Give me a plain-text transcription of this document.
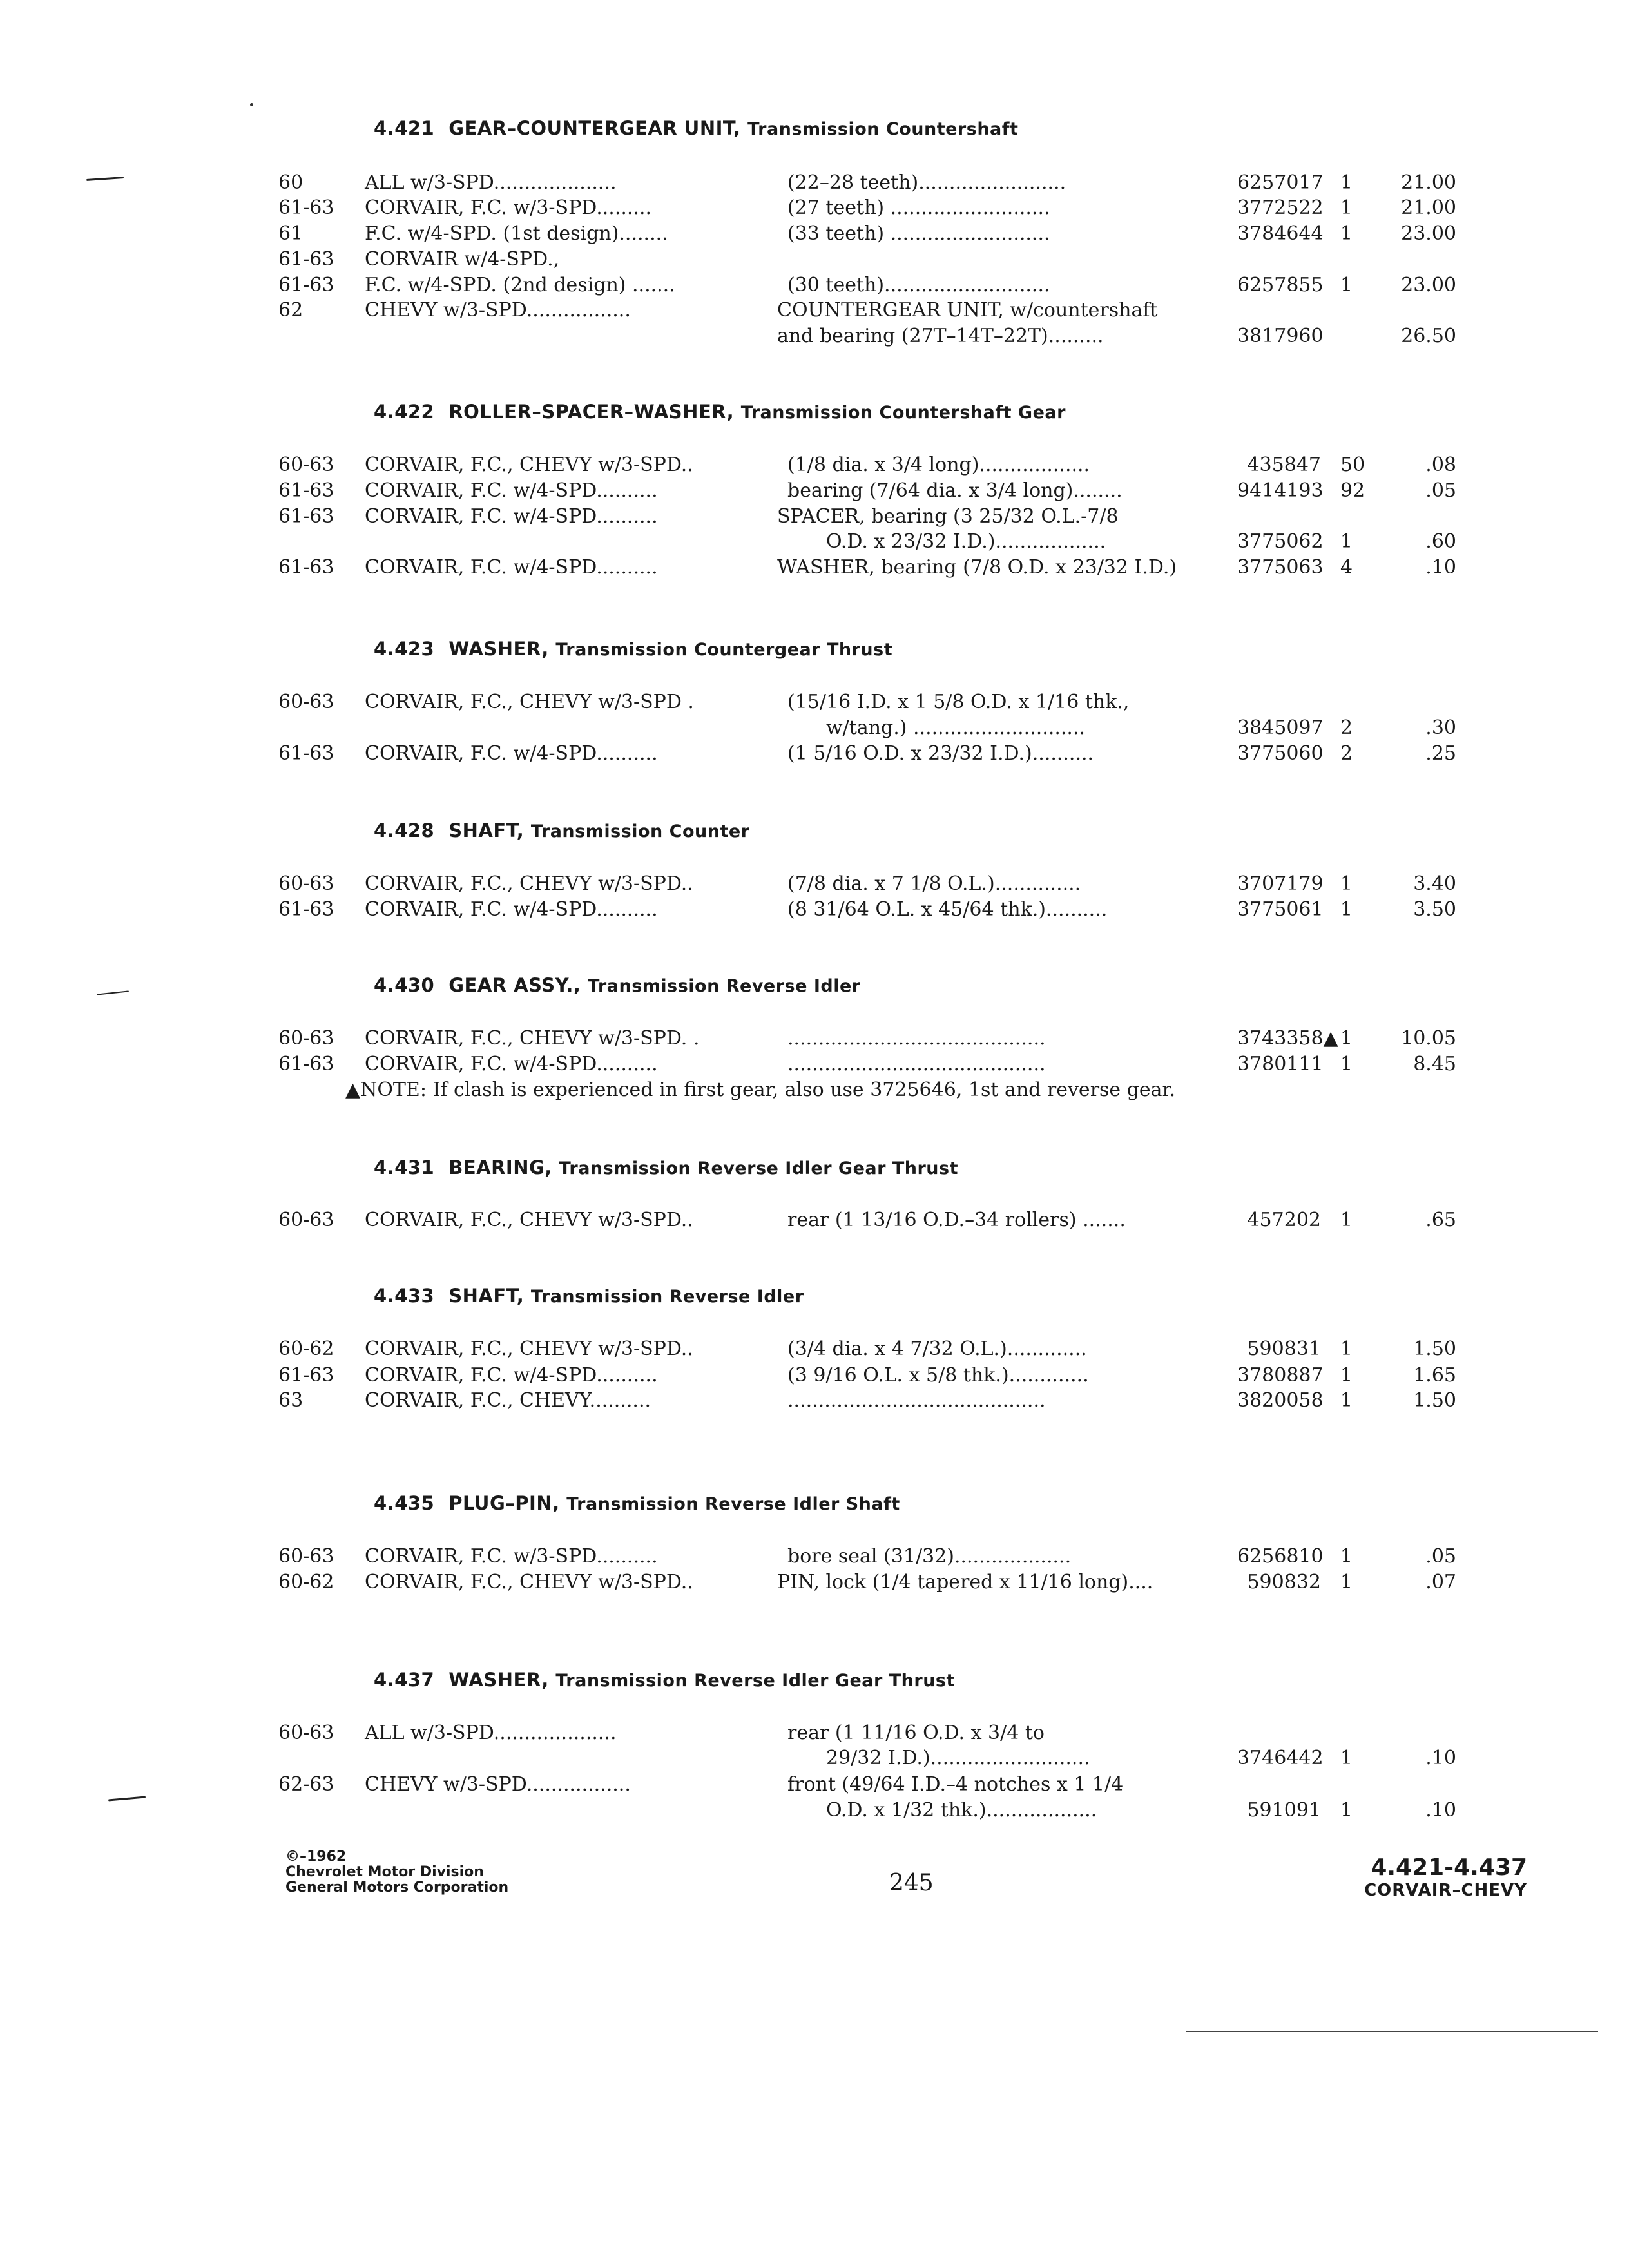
4.421 GEAR–COUNTERGEAR UNIT, Transmission Countershaft
60	ALL w/3-SPD....................	(22–28 teeth)........................	6257017 1	21.00
61-63 CORVAIR, F.C. w/3-SPD.........	(27 teeth) ..........................	3772522 1	21.00
61	F.C. w/4-SPD. (1st design)........	(33 teeth) ..........................	3784644 1	23.00
61-63 CORVAIR w/4-SPD.,
61-63 F.C. w/4-SPD. (2nd design) .......	(30 teeth)...........................	6257855 1	23.00
62	CHEVY w/3-SPD.................	COUNTERGEAR UNIT, w/countershaft
and bearing (27T–14T–22T).........	3817960	26.50
4.422 ROLLER–SPACER–WASHER, Transmission Countershaft Gear
60-63 CORVAIR, F.C., CHEVY w/3-SPD..	(1/8 dia. x 3/4 long)..................	435847 50	.08
61-63 CORVAIR, F.C. w/4-SPD..........	bearing (7/64 dia. x 3/4 long)........	9414193 92	.05
61-63 CORVAIR, F.C. w/4-SPD..........	SPACER, bearing (3 25/32 O.L.-7/8
O.D. x 23/32 I.D.)..................	3775062 1	.60
61-63 CORVAIR, F.C. w/4-SPD..........	WASHER, bearing (7/8 O.D. x 23/32 I.D.)	3775063 4	.10
4.423 WASHER, Transmission Countergear Thrust
60-63 CORVAIR, F.C., CHEVY w/3-SPD .	(15/16 I.D. x 1 5/8 O.D. x 1/16 thk.,
w/tang.) ............................	3845097 2	.30
61-63 CORVAIR, F.C. w/4-SPD..........	(1 5/16 O.D. x 23/32 I.D.)..........	3775060 2	.25
4.428 SHAFT, Transmission Counter
60-63 CORVAIR, F.C., CHEVY w/3-SPD..	(7/8 dia. x 7 1/8 O.L.)..............	3707179 1	3.40
61-63 CORVAIR, F.C. w/4-SPD..........	(8 31/64 O.L. x 45/64 thk.)..........	3775061 1	3.50
4.430 GEAR ASSY., Transmission Reverse Idler
60-63 CORVAIR, F.C., CHEVY w/3-SPD. .	..........................................	3743358▲ 1	10.05
61-63 CORVAIR, F.C. w/4-SPD..........	..........................................	3780111 1	8.45
▲NOTE: If clash is experienced in first gear, also use 3725646, 1st and reverse gear.
4.431 BEARING, Transmission Reverse Idler Gear Thrust
60-63 CORVAIR, F.C., CHEVY w/3-SPD..	rear (1 13/16 O.D.–34 rollers) .......	457202 1	.65
4.433 SHAFT, Transmission Reverse Idler
60-62 CORVAIR, F.C., CHEVY w/3-SPD..	(3/4 dia. x 4 7/32 O.L.).............	590831 1	1.50
61-63 CORVAIR, F.C. w/4-SPD..........	(3 9/16 O.L. x 5/8 thk.).............	3780887 1	1.65
63	CORVAIR, F.C., CHEVY..........	..........................................	3820058 1	1.50
4.435 PLUG–PIN, Transmission Reverse Idler Shaft
60-63 CORVAIR, F.C. w/3-SPD..........	bore seal (31/32)...................	6256810 1	.05
60-62 CORVAIR, F.C., CHEVY w/3-SPD..	PIN, lock (1/4 tapered x 11/16 long)....	590832 1	.07
4.437 WASHER, Transmission Reverse Idler Gear Thrust
60-63 ALL w/3-SPD....................	rear (1 11/16 O.D. x 3/4 to
29/32 I.D.)..........................	3746442 1	.10
62-63 CHEVY w/3-SPD.................	front (49/64 I.D.–4 notches x 1 1/4
O.D. x 1/32 thk.)..................	591091 1	.10
©–1962
Chevrolet Motor Division
General Motors Corporation	245
4.421-4.437
CORVAIR–CHEVY
